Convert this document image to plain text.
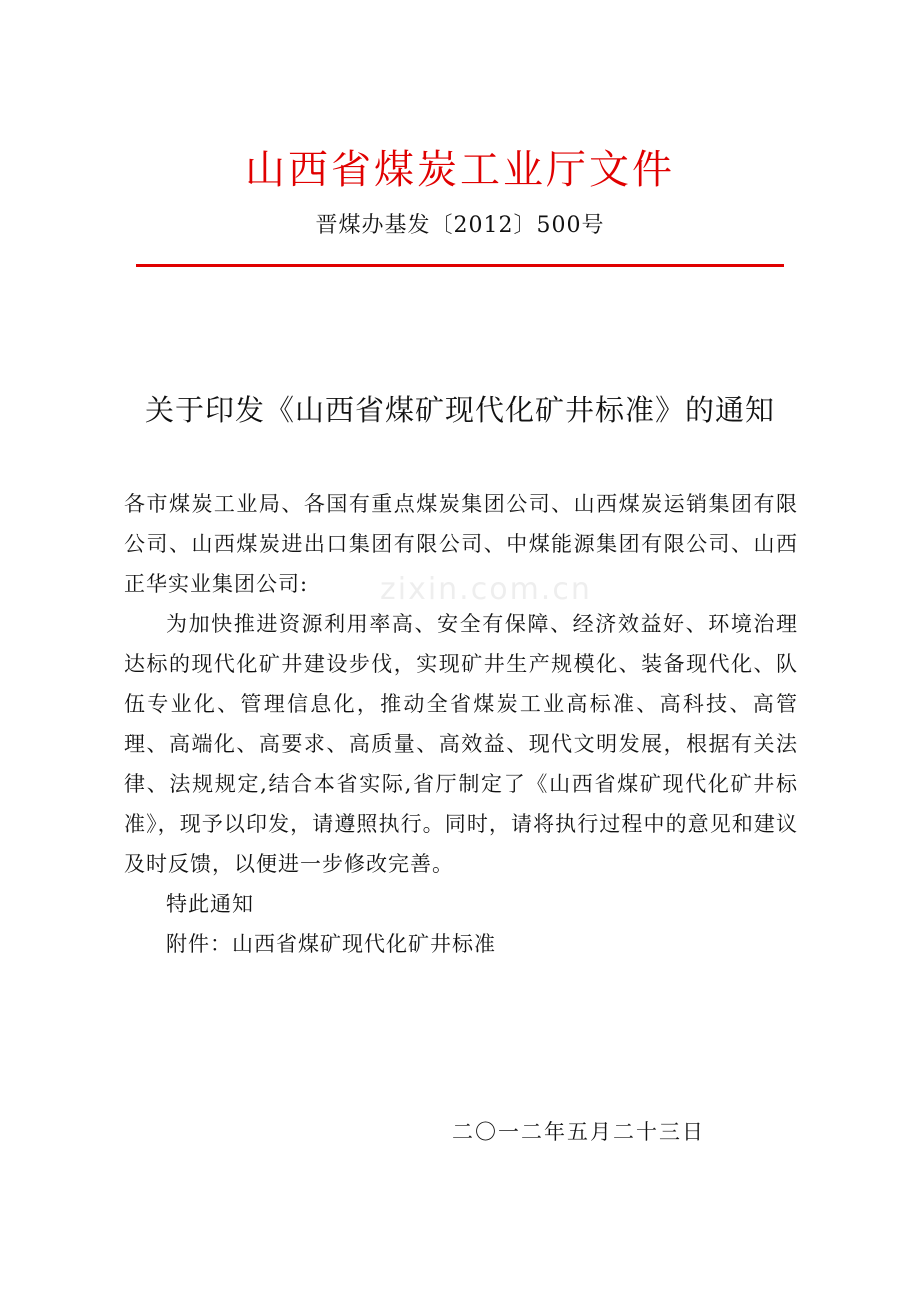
山西省煤炭工业厅文件
晋煤办基发〔2012〕500号
关于印发《山西省煤矿现代化矿井标准》的通知

各市煤炭工业局、各国有重点煤炭集团公司、山西煤炭运销集团有限公司、山西煤炭进出口集团有限公司、中煤能源集团有限公司、山西正华实业集团公司:

为加快推进资源利用率高、安全有保障、经济效益好、环境治理达标的现代化矿井建设步伐，实现矿井生产规模化、装备现代化、队伍专业化、管理信息化，推动全省煤炭工业高标准、高科技、高管理、高端化、高要求、高质量、高效益、现代文明发展，根据有关法律、法规规定,结合本省实际,省厅制定了《山西省煤矿现代化矿井标准》，现予以印发，请遵照执行。同时，请将执行过程中的意见和建议及时反馈，以便进一步修改完善。

特此通知

附件：山西省煤矿现代化矿井标准

二〇一二年五月二十三日
zixin.com.cn
